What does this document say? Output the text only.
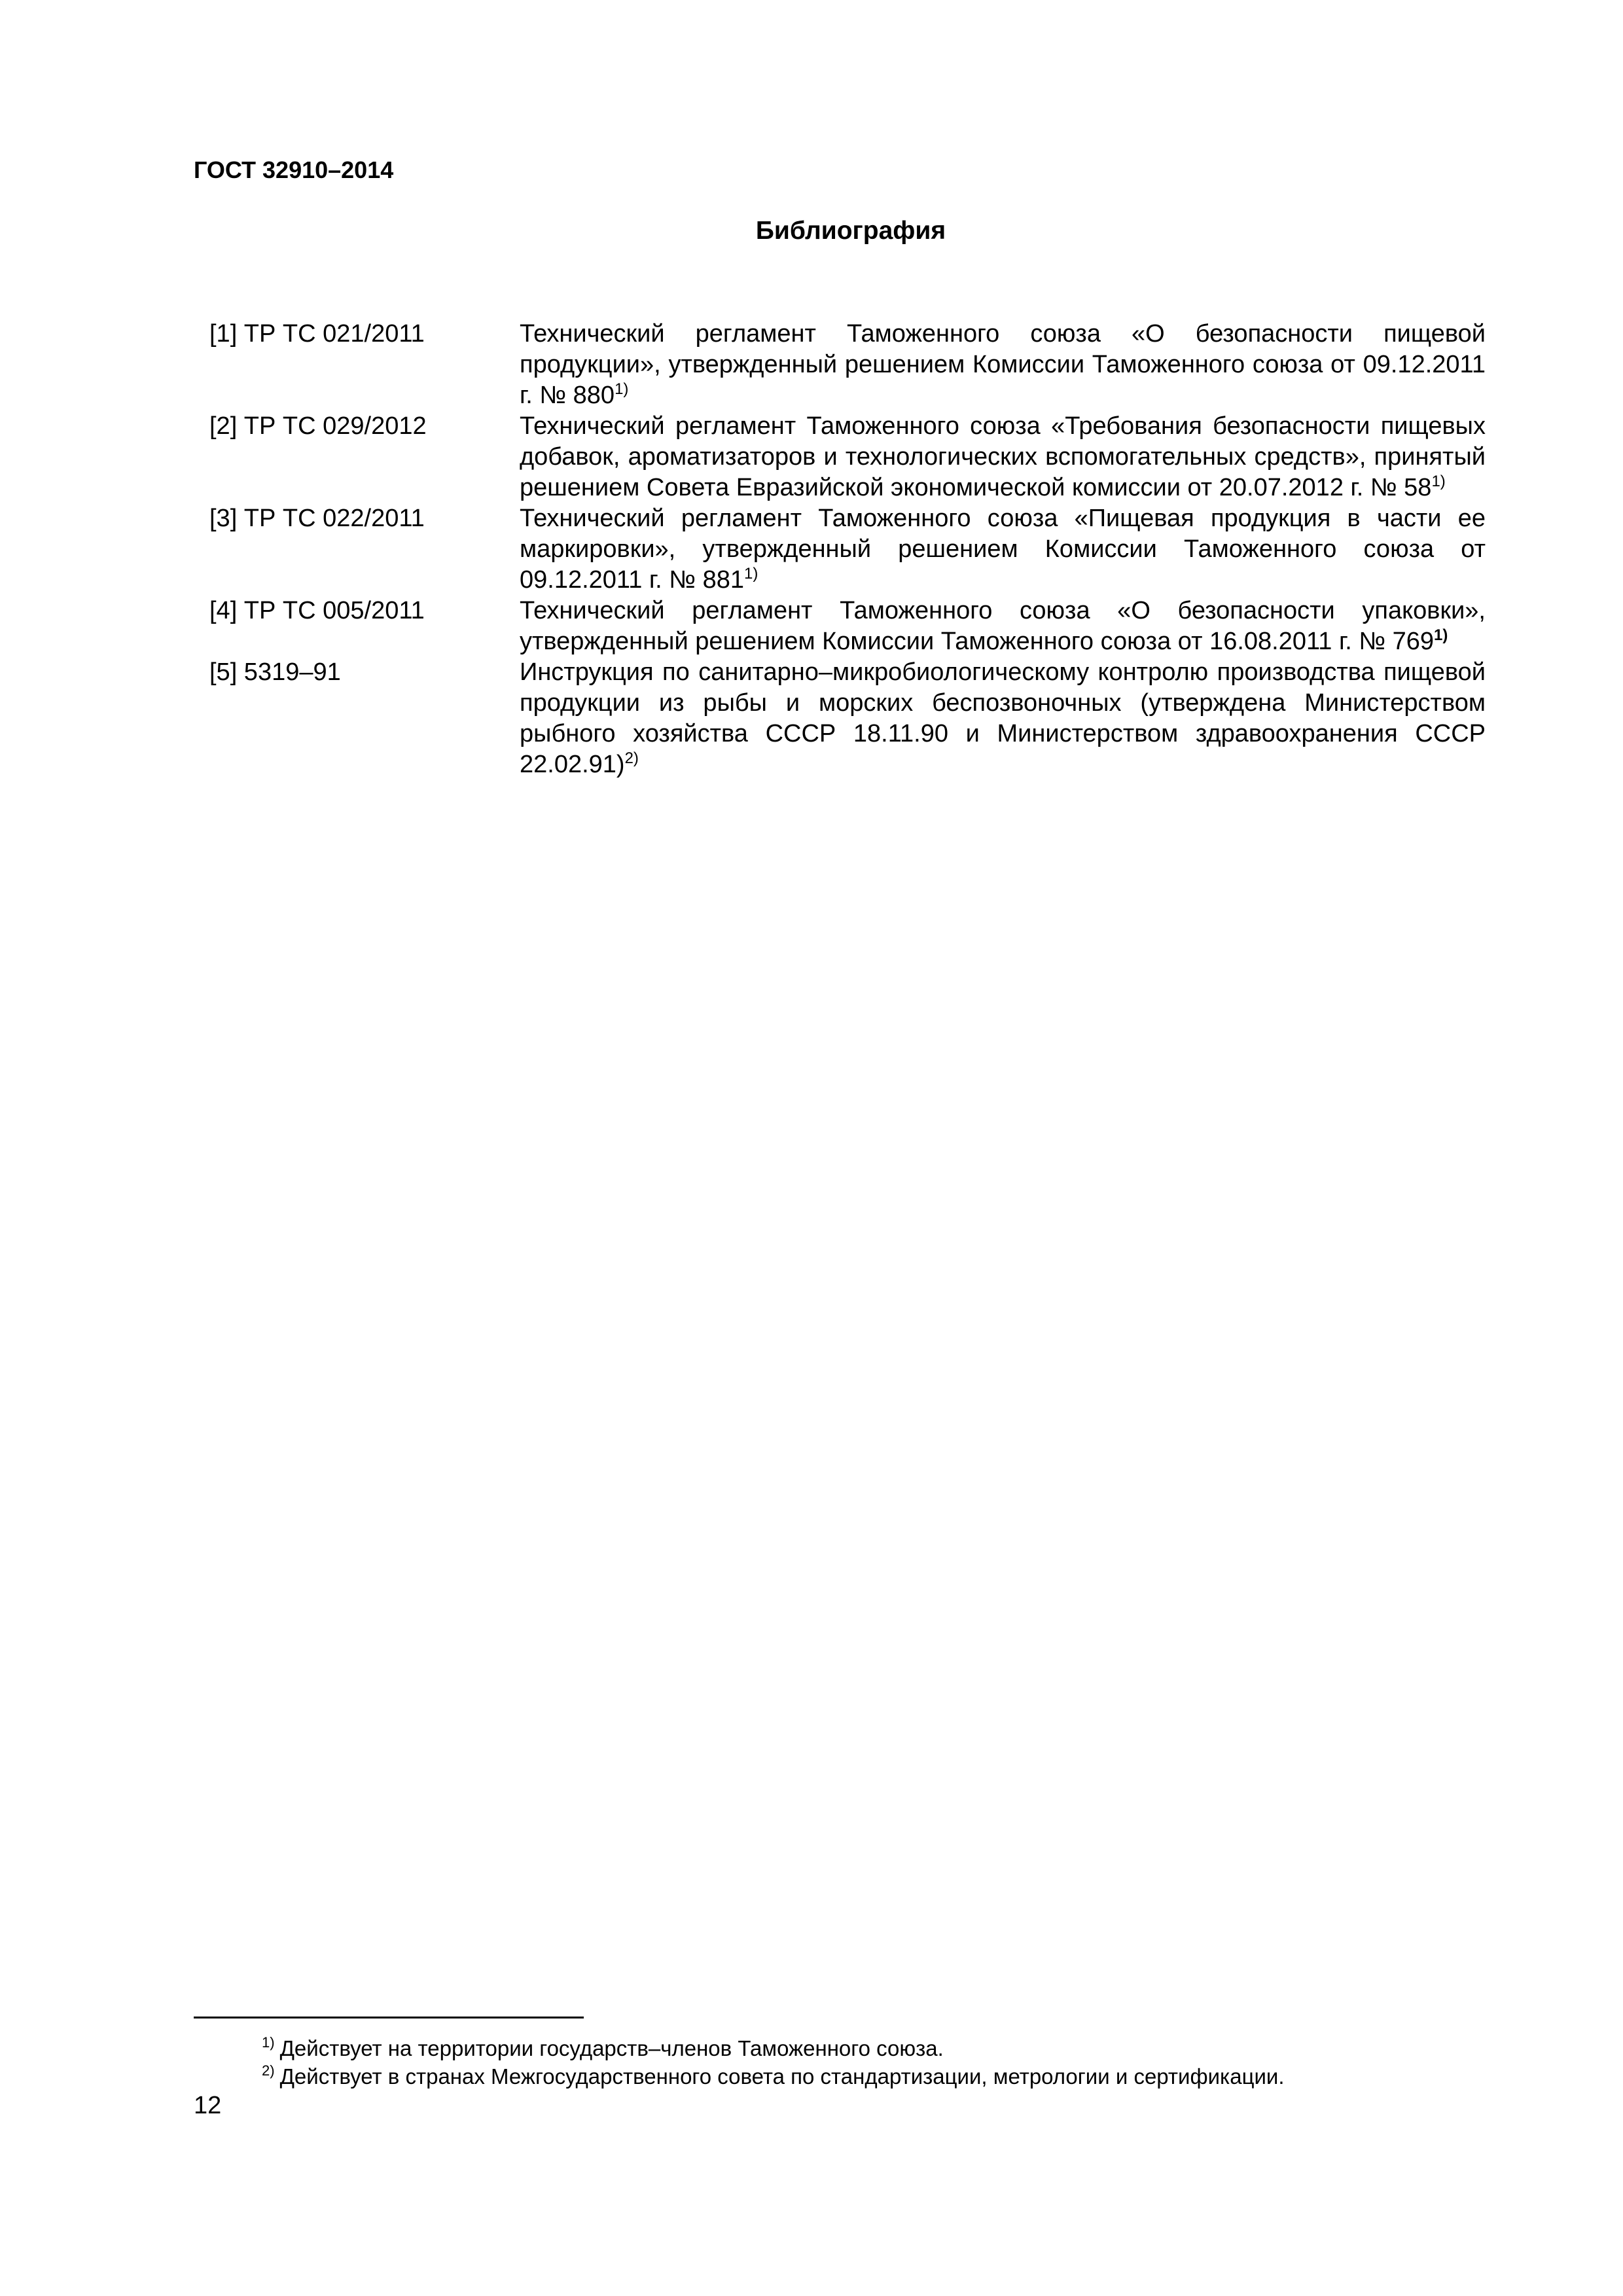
ГОСТ 32910–2014
Библиография
[1] ТР ТС 021/2011	Технический регламент Таможенного союза «О безопасности пищевой продукции», утвержденный решением Комиссии Таможенного союза от 09.12.2011 г. № 880$^{1)}$
[2] ТР ТС 029/2012	Технический регламент Таможенного союза «Требования безопасности пищевых добавок, ароматизаторов и технологических вспомогательных средств», принятый решением Совета Евразийской экономической комиссии от 20.07.2012 г. № 58$^{1)}$
[3] ТР ТС 022/2011	Технический регламент Таможенного союза «Пищевая продукция в части ее маркировки», утвержденный решением Комиссии Таможенного союза от 09.12.2011 г. № 881$^{1)}$
[4] ТР ТС 005/2011	Технический регламент Таможенного союза «О безопасности упаковки», утвержденный решением Комиссии Таможенного союза от 16.08.2011 г. № 769$^{1)}$
[5] 5319–91	Инструкция по санитарно–микробиологическому контролю производства пищевой продукции из рыбы и морских беспозвоночных (утверждена Министерством рыбного хозяйства СССР 18.11.90 и Министерством здравоохранения СССР 22.02.91)$^{2)}$
$^{1)}$ Действует на территории государств–членов Таможенного союза.
$^{2)}$ Действует в странах Межгосударственного совета по стандартизации, метрологии и сертификации.
12
